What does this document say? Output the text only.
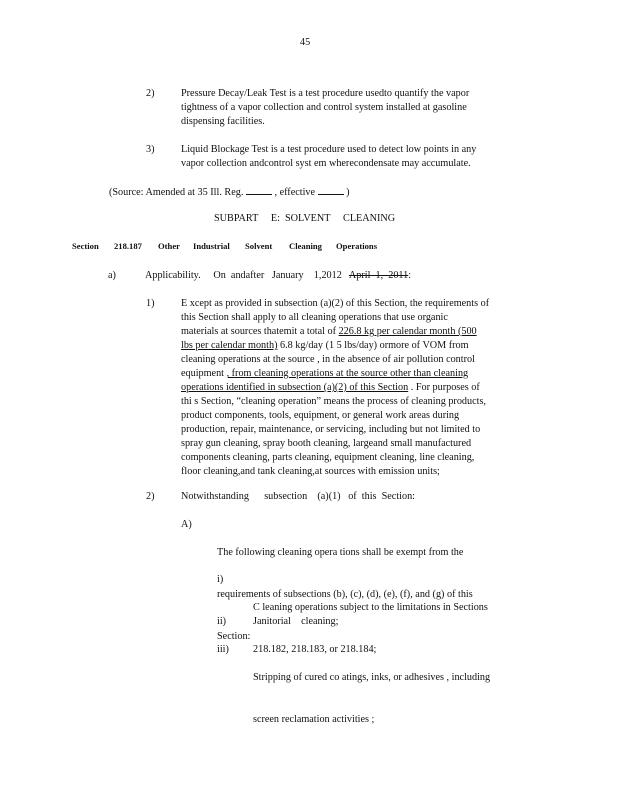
45
2)	Pressure Decay/Leak Test is a test procedure usedto quantify the vapor
tightness of a vapor collection and control system installed at gasoline
dispensing facilities.
3)	Liquid Blockage Test is a test procedure used to detect low points in any
vapor collection andcontrol syst em wherecondensate may accumulate.
(Source: Amended at 35 Ill. Reg.	, effective	)
SUBPART     E:  SOLVENT     CLEANING
Section 218.187 Other Industrial Solvent Cleaning Operations
a)	Applicability.     On  andafter   January    1,2012 April  1,  2011:
1)	E xcept as provided in subsection (a)(2) of this Section, the requirements of
this Section shall apply to all cleaning operations that use organic
materials at sources thatemit a total of 226.8 kg per calendar month (500
lbs per calendar month) 6.8 kg/day (1 5 lbs/day) ormore of VOM from
cleaning operations at the source , in the absence of air pollution control
equipment , from cleaning operations at the source other than cleaning
operations identified in subsection (a)(2) of this Section . For purposes of
thi s Section, “cleaning operation” means the process of cleaning products,
product components, tools, equipment, or general work areas during
production, repair, maintenance, or servicing, including but not limited to
spray gun cleaning, spray booth cleaning, largeand small manufactured
components cleaning, parts cleaning, equipment cleaning, line cleaning,
floor cleaning,and tank cleaning,at sources with emission units;
2)	Notwithstanding      subsection    (a)(1)   of  this  Section:
A)

The following cleaning opera tions shall be exempt from the

requirements of subsections (b), (c), (d), (e), (f), and (g) of this

Section:

i)

C leaning operations subject to the limitations in Sections

218.182, 218.183, or 218.184;

ii)	Janitorial    cleaning;
iii)

Stripping of cured co atings, inks, or adhesives , including

screen reclamation activities ;
